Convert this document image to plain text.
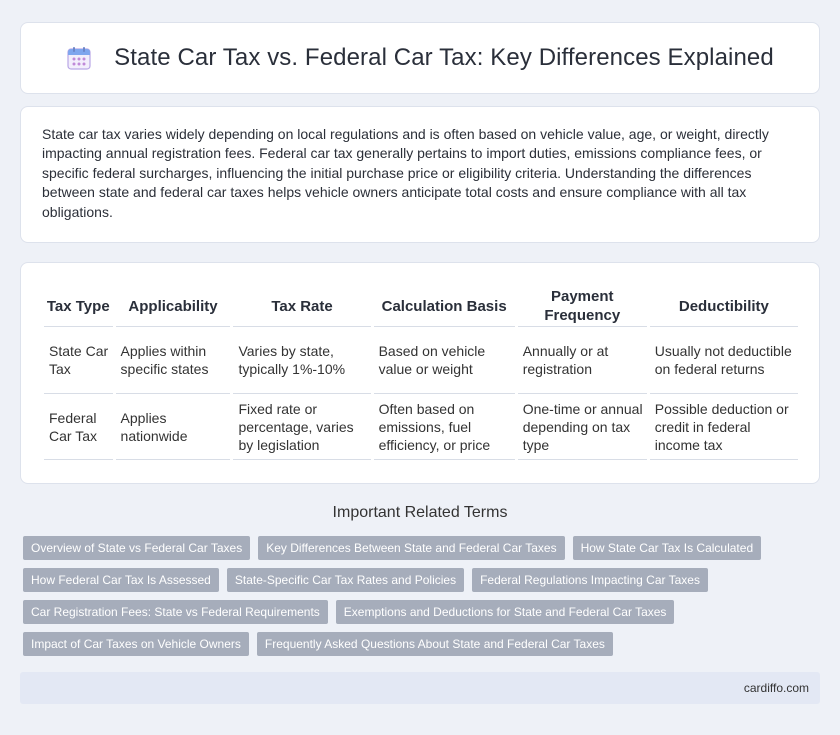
State Car Tax vs. Federal Car Tax: Key Differences Explained

State car tax varies widely depending on local regulations and is often based on vehicle value, age, or weight, directly impacting annual registration fees. Federal car tax generally pertains to import duties, emissions compliance fees, or specific federal surcharges, influencing the initial purchase price or eligibility criteria. Understanding the differences between state and federal car taxes helps vehicle owners anticipate total costs and ensure compliance with all tax obligations.

Tax Type	Applicability	Tax Rate	Calculation Basis	Payment Frequency	Deductibility
State Car Tax	Applies within specific states	Varies by state, typically 1%-10%	Based on vehicle value or weight	Annually or at registration	Usually not deductible on federal returns
Federal Car Tax	Applies nationwide	Fixed rate or percentage, varies by legislation	Often based on emissions, fuel efficiency, or price	One-time or annual depending on tax type	Possible deduction or credit in federal income tax
Important Related Terms
Overview of State vs Federal Car Taxes	Key Differences Between State and Federal Car Taxes	How State Car Tax Is Calculated
How Federal Car Tax Is Assessed	State-Specific Car Tax Rates and Policies	Federal Regulations Impacting Car Taxes
Car Registration Fees: State vs Federal Requirements	Exemptions and Deductions for State and Federal Car Taxes
Impact of Car Taxes on Vehicle Owners	Frequently Asked Questions About State and Federal Car Taxes
cardiffo.com
